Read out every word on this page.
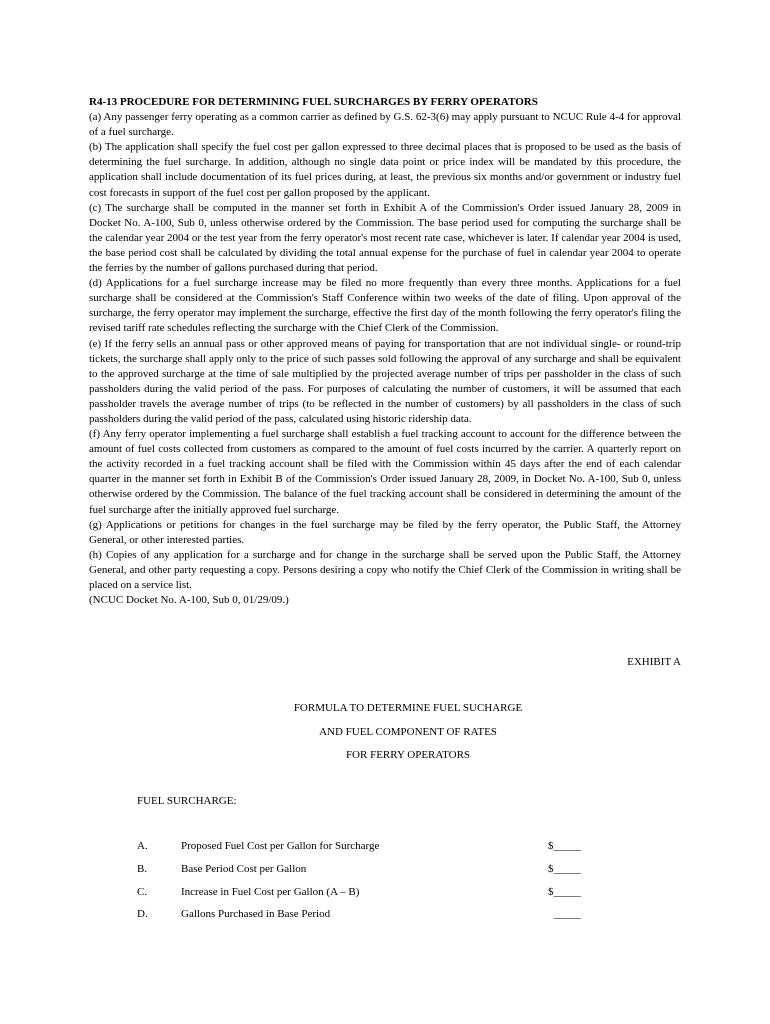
R4-13 PROCEDURE FOR DETERMINING FUEL SURCHARGES BY FERRY OPERATORS

(a) Any passenger ferry operating as a common carrier as defined by G.S. 62-3(6) may apply pursuant to NCUC Rule 4-4 for approval of a fuel surcharge.

(b) The application shall specify the fuel cost per gallon expressed to three decimal places that is proposed to be used as the basis of determining the fuel surcharge. In addition, although no single data point or price index will be mandated by this procedure, the application shall include documentation of its fuel prices during, at least, the previous six months and/or government or industry fuel cost forecasts in support of the fuel cost per gallon proposed by the applicant.

(c) The surcharge shall be computed in the manner set forth in Exhibit A of the Commission's Order issued January 28, 2009 in Docket No. A-100, Sub 0, unless otherwise ordered by the Commission. The base period used for computing the surcharge shall be the calendar year 2004 or the test year from the ferry operator's most recent rate case, whichever is later. If calendar year 2004 is used, the base period cost shall be calculated by dividing the total annual expense for the purchase of fuel in calendar year 2004 to operate the ferries by the number of gallons purchased during that period.

(d) Applications for a fuel surcharge increase may be filed no more frequently than every three months. Applications for a fuel surcharge shall be considered at the Commission's Staff Conference within two weeks of the date of filing. Upon approval of the surcharge, the ferry operator may implement the surcharge, effective the first day of the month following the ferry operator's filing the revised tariff rate schedules reflecting the surcharge with the Chief Clerk of the Commission.

(e) If the ferry sells an annual pass or other approved means of paying for transportation that are not individual single- or round-trip tickets, the surcharge shall apply only to the price of such passes sold following the approval of any surcharge and shall be equivalent to the approved surcharge at the time of sale multiplied by the projected average number of trips per passholder in the class of such passholders during the valid period of the pass. For purposes of calculating the number of customers, it will be assumed that each passholder travels the average number of trips (to be reflected in the number of customers) by all passholders in the class of such passholders during the valid period of the pass, calculated using historic ridership data.

(f) Any ferry operator implementing a fuel surcharge shall establish a fuel tracking account to account for the difference between the amount of fuel costs collected from customers as compared to the amount of fuel costs incurred by the carrier. A quarterly report on the activity recorded in a fuel tracking account shall be filed with the Commission within 45 days after the end of each calendar quarter in the manner set forth in Exhibit B of the Commission's Order issued January 28, 2009, in Docket No. A-100, Sub 0, unless otherwise ordered by the Commission. The balance of the fuel tracking account shall be considered in determining the amount of the fuel surcharge after the initially approved fuel surcharge.

(g) Applications or petitions for changes in the fuel surcharge may be filed by the ferry operator, the Public Staff, the Attorney General, or other interested parties.

(h) Copies of any application for a surcharge and for change in the surcharge shall be served upon the Public Staff, the Attorney General, and other party requesting a copy. Persons desiring a copy who notify the Chief Clerk of the Commission in writing shall be placed on a service list.

(NCUC Docket No. A-100, Sub 0, 01/29/09.)

EXHIBIT A
FORMULA TO DETERMINE FUEL SUCHARGE
AND FUEL COMPONENT OF RATES
FOR FERRY OPERATORS
FUEL SURCHARGE:
A.	Proposed Fuel Cost per Gallon for Surcharge	$_____
B.	Base Period Cost per Gallon	$_____
C.	Increase in Fuel Cost per Gallon (A – B)	$_____
D.	Gallons Purchased in Base Period	_____
